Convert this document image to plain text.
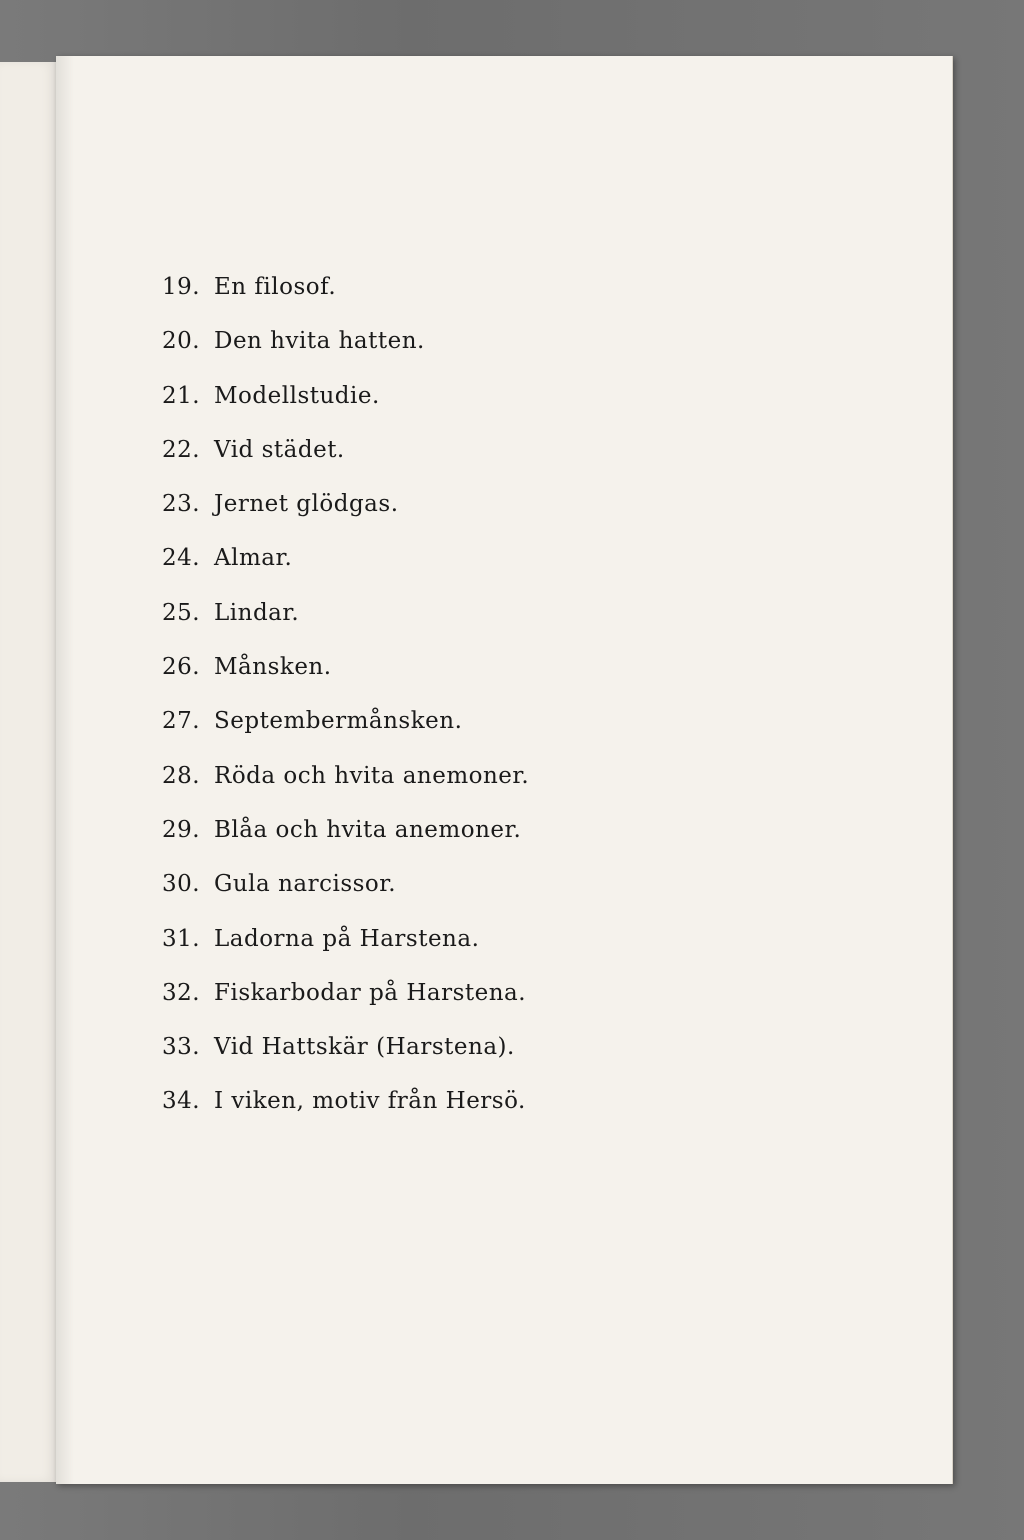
19. En filosof.
20. Den hvita hatten.
21. Modellstudie.
22. Vid städet.
23. Jernet glödgas.
24. Almar.
25. Lindar.
26. Månsken.
27. Septembermånsken.
28. Röda och hvita anemoner.
29. Blåa och hvita anemoner.
30. Gula narcissor.
31. Ladorna på Harstena.
32. Fiskarbodar på Harstena.
33. Vid Hattskär (Harstena).
34. I viken, motiv från Hersö.
